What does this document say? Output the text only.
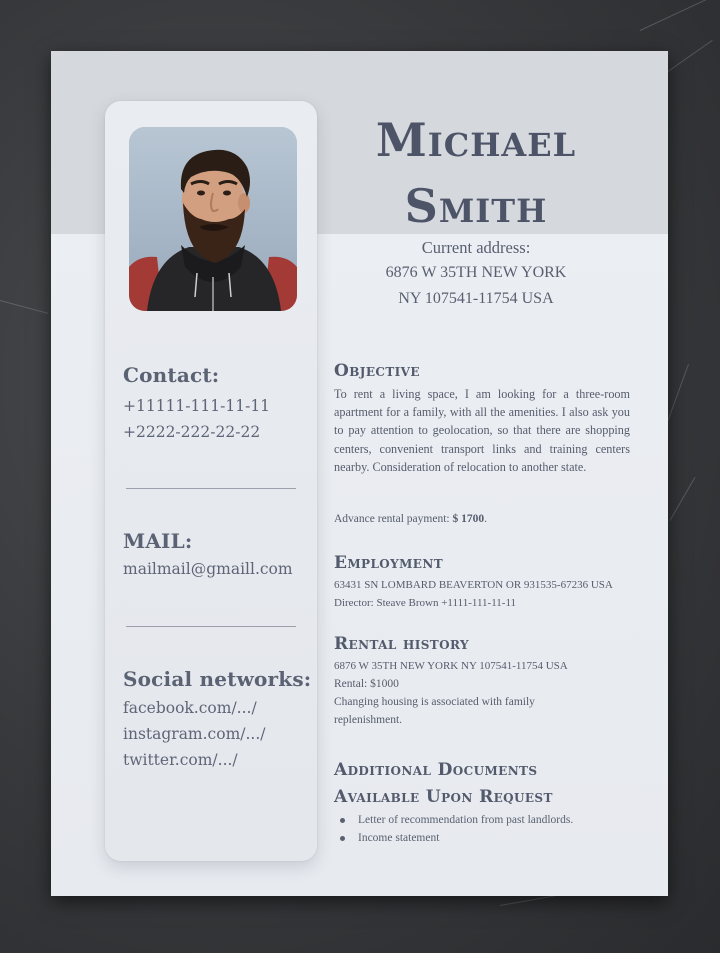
Contact:
+11111-111-11-11
+2222-222-22-22
MAIL:
mailmail@gmaill.com
Social networks:
facebook.com/.../
instagram.com/.../
twitter.com/.../
Michael
Smith
Current address:
6876 W 35TH NEW YORK
NY 107541-11754 USA
Objective

To rent a living space, I am looking for a three-room apartment for a family, with all the amenities. I also ask you to pay attention to geolocation, so that there are shopping centers, convenient transport links and training centers nearby. Consideration of relocation to another state.

Advance rental payment: $ 1700.

Employment

63431 SN LOMBARD BEAVERTON OR 931535-67236 USA

Director: Steave Brown +1111-111-11-11

Rental history

6876 W 35TH NEW YORK NY 107541-11754 USA

Rental: $1000

Changing housing is associated with family

replenishment.

Additional Documents
Available Upon Request
Letter of recommendation from past landlords.
Income statement
